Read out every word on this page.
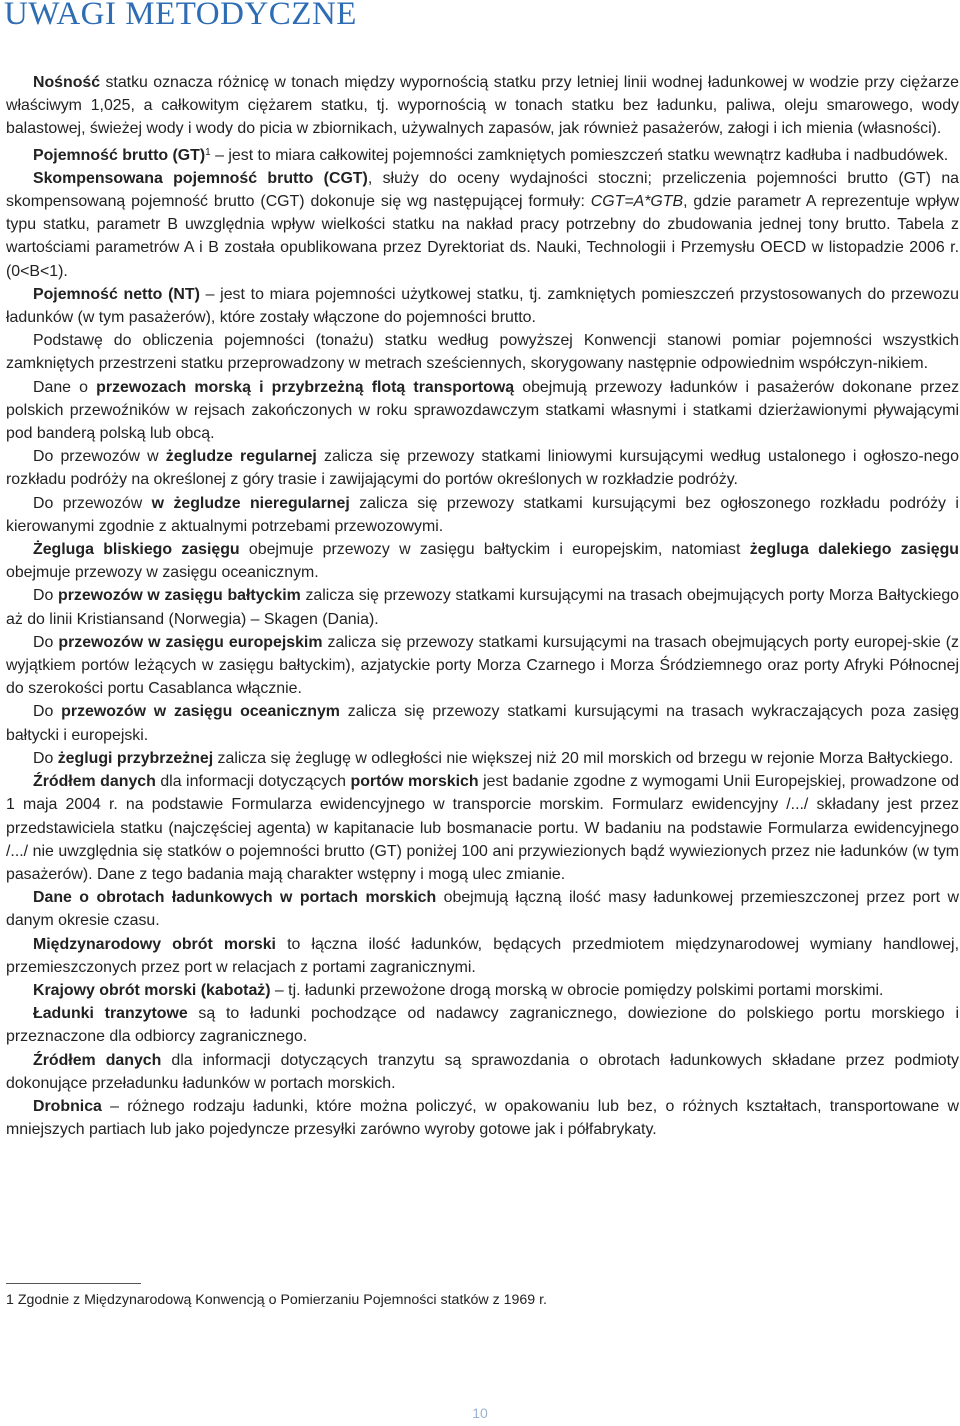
UWAGI METODYCZNE

Nośność statku oznacza różnicę w tonach między wypornością statku przy letniej linii wodnej ładunkowej w wodzie przy ciężarze właściwym 1,025, a całkowitym ciężarem statku, tj. wypornością w tonach statku bez ładunku, paliwa, oleju smarowego, wody balastowej, świeżej wody i wody do picia w zbiornikach, używalnych zapasów, jak również pasażerów, załogi i ich mienia (własności).

Pojemność brutto (GT)$^1$ – jest to miara całkowitej pojemności zamkniętych pomieszczeń statku wewnątrz kadłuba i nadbudówek.

Skompensowana pojemność brutto (CGT), służy do oceny wydajności stoczni; przeliczenia pojemności brutto (GT) na skompensowaną pojemność brutto (CGT) dokonuje się wg następującej formuły: CGT=A*GTB, gdzie parametr A reprezentuje wpływ typu statku, parametr B uwzględnia wpływ wielkości statku na nakład pracy potrzebny do zbudowania jednej tony brutto. Tabela z wartościami parametrów A i B została opublikowana przez Dyrektoriat ds. Nauki, Technologii i Przemysłu OECD w listopadzie 2006 r. (0<B<1).

Pojemność netto (NT) – jest to miara pojemności użytkowej statku, tj. zamkniętych pomieszczeń przystosowanych do przewozu ładunków (w tym pasażerów), które zostały włączone do pojemności brutto.

Podstawę do obliczenia pojemności (tonażu) statku według powyższej Konwencji stanowi pomiar pojemności wszystkich zamkniętych przestrzeni statku przeprowadzony w metrach sześciennych, skorygowany następnie odpowiednim współczyn-nikiem.

Dane o przewozach morską i przybrzeżną flotą transportową obejmują przewozy ładunków i pasażerów dokonane przez polskich przewoźników w rejsach zakończonych w roku sprawozdawczym statkami własnymi i statkami dzierżawionymi pływającymi pod banderą polską lub obcą.

Do przewozów w żegludze regularnej zalicza się przewozy statkami liniowymi kursującymi według ustalonego i ogłoszo-nego rozkładu podróży na określonej z góry trasie i zawijającymi do portów określonych w rozkładzie podróży.

Do przewozów w żegludze nieregularnej zalicza się przewozy statkami kursującymi bez ogłoszonego rozkładu podróży i kierowanymi zgodnie z aktualnymi potrzebami przewozowymi.

Żegluga bliskiego zasięgu obejmuje przewozy w zasięgu bałtyckim i europejskim, natomiast żegluga dalekiego zasięgu obejmuje przewozy w zasięgu oceanicznym.

Do przewozów w zasięgu bałtyckim zalicza się przewozy statkami kursującymi na trasach obejmujących porty Morza Bałtyckiego aż do linii Kristiansand (Norwegia) – Skagen (Dania).

Do przewozów w zasięgu europejskim zalicza się przewozy statkami kursującymi na trasach obejmujących porty europej-skie (z wyjątkiem portów leżących w zasięgu bałtyckim), azjatyckie porty Morza Czarnego i Morza Śródziemnego oraz porty Afryki Północnej do szerokości portu Casablanca włącznie.

Do przewozów w zasięgu oceanicznym zalicza się przewozy statkami kursującymi na trasach wykraczających poza zasięg bałtycki i europejski.

Do żeglugi przybrzeżnej zalicza się żeglugę w odległości nie większej niż 20 mil morskich od brzegu w rejonie Morza Bałtyckiego.

Źródłem danych dla informacji dotyczących portów morskich jest badanie zgodne z wymogami Unii Europejskiej, prowadzone od 1 maja 2004 r. na podstawie Formularza ewidencyjnego w transporcie morskim. Formularz ewidencyjny /.../ składany jest przez przedstawiciela statku (najczęściej agenta) w kapitanacie lub bosmanacie portu. W badaniu na podstawie Formularza ewidencyjnego /.../ nie uwzględnia się statków o pojemności brutto (GT) poniżej 100 ani przywiezionych bądź wywiezionych przez nie ładunków (w tym pasażerów). Dane z tego badania mają charakter wstępny i mogą ulec zmianie.

Dane o obrotach ładunkowych w portach morskich obejmują łączną ilość masy ładunkowej przemieszczonej przez port w danym okresie czasu.

Międzynarodowy obrót morski to łączna ilość ładunków, będących przedmiotem międzynarodowej wymiany handlowej, przemieszczonych przez port w relacjach z portami zagranicznymi.

Krajowy obrót morski (kabotaż) – tj. ładunki przewożone drogą morską w obrocie pomiędzy polskimi portami morskimi.

Ładunki tranzytowe są to ładunki pochodzące od nadawcy zagranicznego, dowiezione do polskiego portu morskiego i przeznaczone dla odbiorcy zagranicznego.

Źródłem danych dla informacji dotyczących tranzytu są sprawozdania o obrotach ładunkowych składane przez podmioty dokonujące przeładunku ładunków w portach morskich.

Drobnica – różnego rodzaju ładunki, które można policzyć, w opakowaniu lub bez, o różnych kształtach, transportowane w mniejszych partiach lub jako pojedyncze przesyłki zarówno wyroby gotowe jak i półfabrykaty.

1 Zgodnie z Międzynarodową Konwencją o Pomierzaniu Pojemności statków z 1969 r.

10
